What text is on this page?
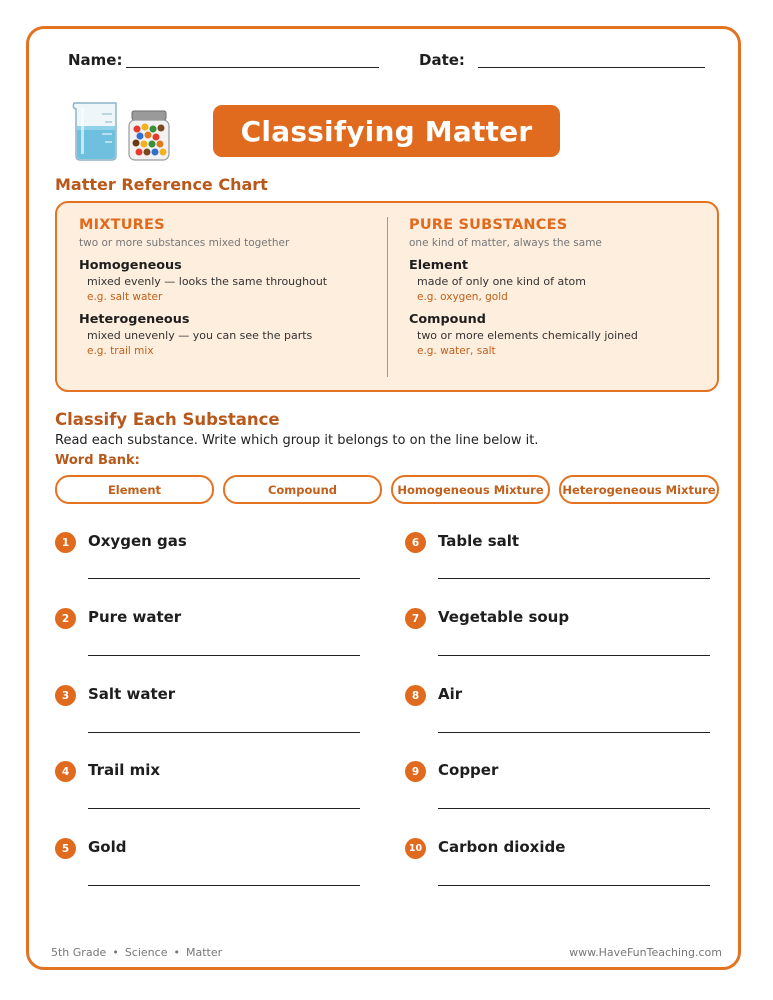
Name:	Date:
Classifying Matter
Matter Reference Chart
MIXTURES
two or more substances mixed together
Homogeneous
mixed evenly — looks the same throughout
e.g. salt water
Heterogeneous
mixed unevenly — you can see the parts
e.g. trail mix
PURE SUBSTANCES
one kind of matter, always the same
Element
made of only one kind of atom
e.g. oxygen, gold
Compound
two or more elements chemically joined
e.g. water, salt
Classify Each Substance
Read each substance. Write which group it belongs to on the line below it.
Word Bank:
Element	Compound	Homogeneous Mixture	Heterogeneous Mixture
1	Oxygen gas
2	Pure water
3	Salt water
4	Trail mix
5	Gold
6	Table salt
7	Vegetable soup
8	Air
9	Copper
10 Carbon dioxide
5th Grade • Science • Matter	www.HaveFunTeaching.com
